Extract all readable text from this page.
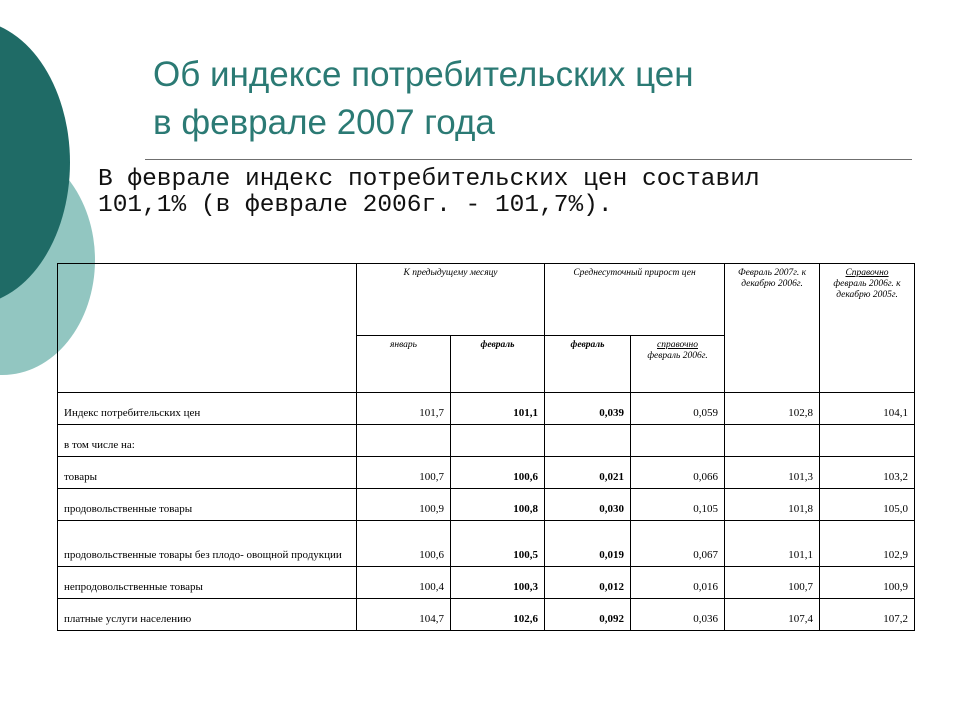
Об индексе потребительских цен
в феврале 2007 года
В феврале индекс потребительских цен составил
101,1% (в феврале 2006г. - 101,7%).
	К предыдущему месяцу		Среднесуточный прирост цен		Февраль 2007г. к декабрю 2006г.	Справочно
февраль 2006г. к декабрю 2005г.
	январь	февраль	февраль	справочно
февраль 2006г.		
Индекс потребительских цен	101,7	101,1	0,039	0,059	102,8	104,1
в том числе на:						
товары	100,7	100,6	0,021	0,066	101,3	103,2
продовольственные товары	100,9	100,8	0,030	0,105	101,8	105,0
продовольственные товары без плодо- овощной продукции	100,6	100,5	0,019	0,067	101,1	102,9
непродовольственные товары	100,4	100,3	0,012	0,016	100,7	100,9
платные услуги населению	104,7	102,6	0,092	0,036	107,4	107,2
